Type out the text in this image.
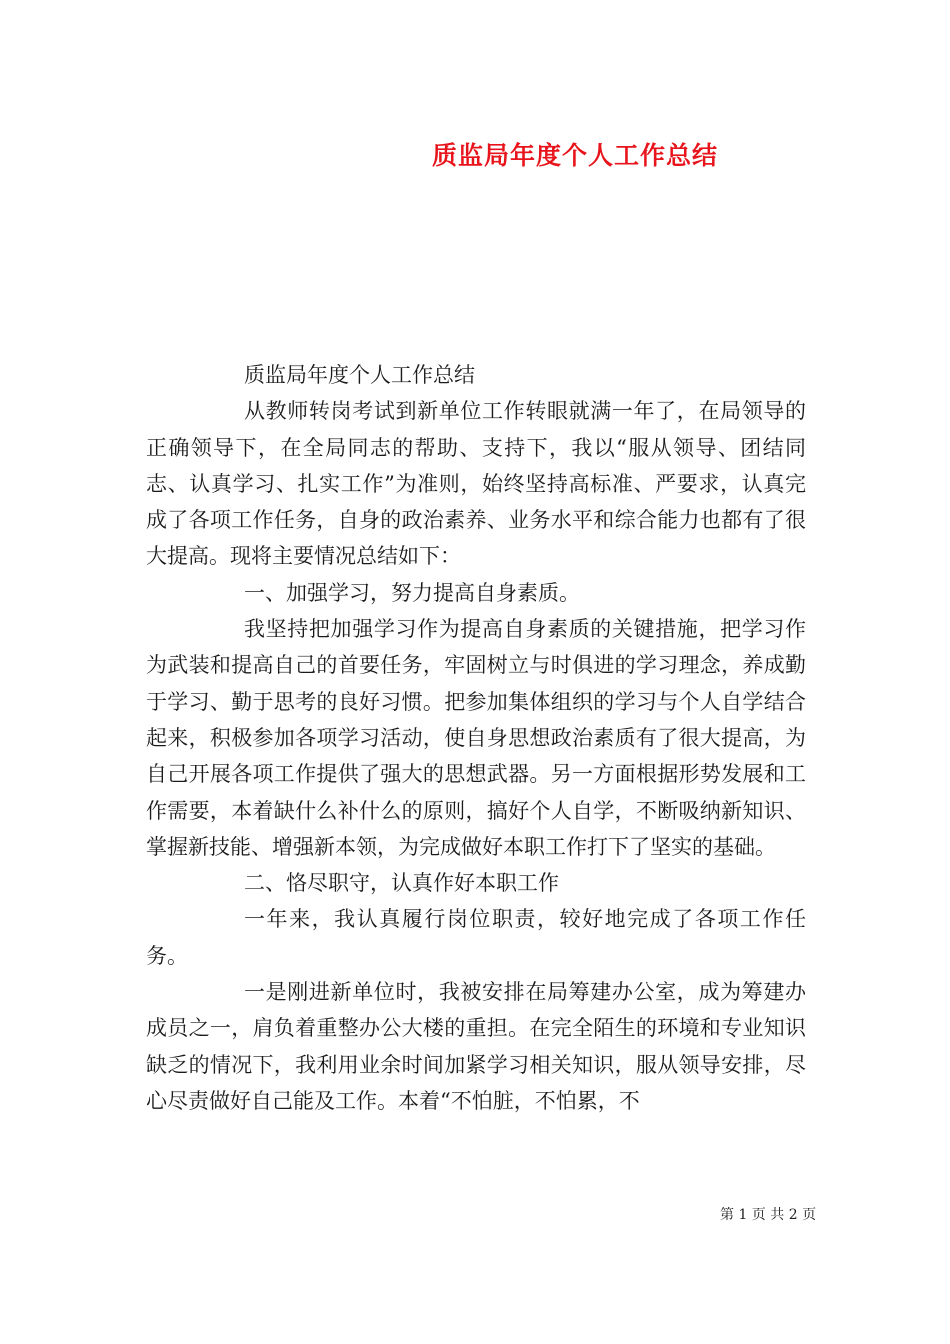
质监局年度个人工作总结

质监局年度个人工作总结

从教师转岗考试到新单位工作转眼就满一年了，在局领导的正确领导下，在全局同志的帮助、支持下，我以“服从领导、团结同志、认真学习、扎实工作”为准则，始终坚持高标准、严要求，认真完成了各项工作任务，自身的政治素养、业务水平和综合能力也都有了很大提高。现将主要情况总结如下：

一、加强学习，努力提高自身素质。

我坚持把加强学习作为提高自身素质的关键措施，把学习作为武装和提高自己的首要任务，牢固树立与时俱进的学习理念，养成勤于学习、勤于思考的良好习惯。把参加集体组织的学习与个人自学结合起来，积极参加各项学习活动，使自身思想政治素质有了很大提高，为自己开展各项工作提供了强大的思想武器。另一方面根据形势发展和工作需要，本着缺什么补什么的原则，搞好个人自学，不断吸纳新知识、掌握新技能、增强新本领，为完成做好本职工作打下了坚实的基础。

二、恪尽职守，认真作好本职工作

一年来，我认真履行岗位职责，较好地完成了各项工作任务。

一是刚进新单位时，我被安排在局筹建办公室，成为筹建办成员之一，肩负着重整办公大楼的重担。在完全陌生的环境和专业知识缺乏的情况下，我利用业余时间加紧学习相关知识，服从领导安排，尽心尽责做好自己能及工作。本着“不怕脏，不怕累，不

第 1 页 共 2 页
